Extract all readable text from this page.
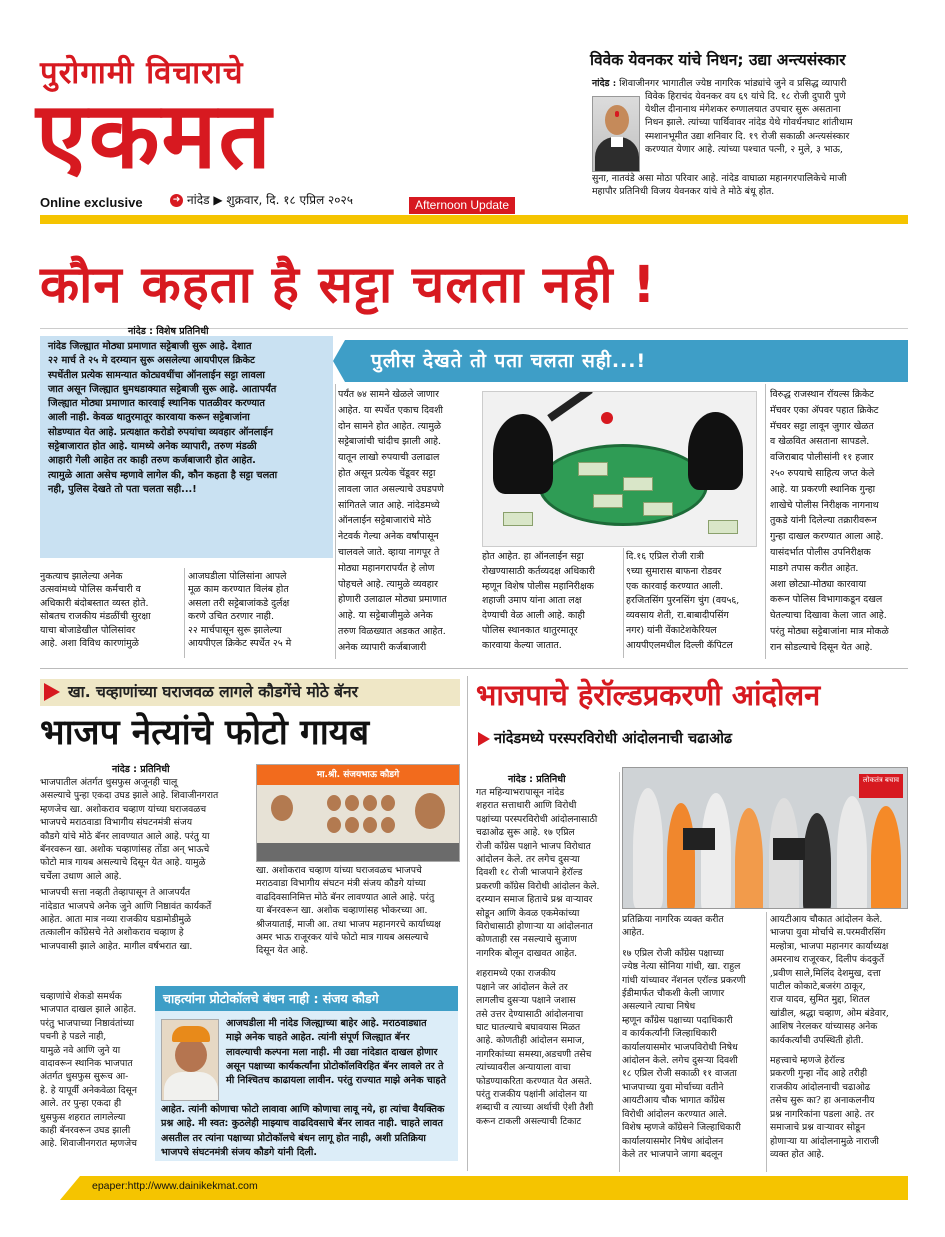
पुरोगामी विचाराचे
एकमत
Online exclusive	➜ नांदेड ▶ शुक्रवार, दि. १८ एप्रिल २०२५	Afternoon Update
विवेक येवनकर यांचे निधन; उद्या अन्त्यसंस्कार
नांदेड : शिवाजीनगर भागातील ज्येष्ठ नागरिक भांड्यांचे जुने व प्रसिद्ध व्यापारी
विवेक हिराचंद येवनकर वय ६९ यांचे दि. १८ रोजी दुपारी पुणे
येथील दीनानाथ मंगेशकर रुग्णालयात उपचार सुरू असताना
निधन झाले. त्यांच्या पार्थिवावर नांदेड येथे गोवर्धनघाट शांतीधाम
स्मशानभूमीत उद्या शनिवार दि. १९ रोजी सकाळी अन्त्यसंस्कार
करण्यात येणार आहे. त्यांच्या पश्चात पत्नी, २ मुले, ३ भाऊ,
सुना, नातवंडे असा मोठा परिवार आहे. नांदेड वाघाळा महानगरपालिकेचे माजी
महापौर प्रतिनिधी विजय येवनकर यांचे ते मोठे बंधू होत.
कौन कहता है सट्टा चलता नही !
नांदेड : विशेष प्रतिनिधी
नांदेड जिल्ह्यात मोठ्या प्रमाणात सट्टेबाजी सुरू आहे. देशात
२२ मार्च ते २५ मे दरम्यान सुरू असलेल्या आयपीएल क्रिकेट
स्पर्धेतील प्रत्येक सामन्यात कोट्यवधींचा ऑनलाईन सट्टा लावला
जात असून जिल्ह्यात धुमधडाक्यात सट्टेबाजी सुरू आहे. आतापर्यंत
जिल्ह्यात मोठ्या प्रमाणात कारवाई स्थानिक पातळीवर करण्यात
आली नाही. केवळ थातुरमातूर कारवाया करून सट्टेबाजांना
सोडण्यात येत आहे. प्रत्यक्षात करोडो रुपयांचा व्यवहार ऑनलाईन
सट्टेबाजारात होत आहे. यामध्ये अनेक व्यापारी, तरुण मंडळी
आहारी गेली आहेत तर काही तरुण कर्जबाजारी होत आहेत.
त्यामुळे आता असेच म्हणावे लागेल की, कौन कहता है सट्टा चलता
नही, पुलिस देखते तो पता चलता सही...!
पुलीस देखते तो पता चलता सही...!
नुकत्याच झालेल्या अनेक
उत्सवांमध्ये पोलिस कर्मचारी व
अधिकारी बंदोबस्तात व्यस्त होते.
सोबतच राजकीय मंडळींची सुरक्षा
याचा बोजाडेखील पोलिसांवर
आहे. अशा विविध कारणांमुळे
आजघडीला पोलिसांना आपले
मूळ काम करण्यात विलंब होत
असला तरी सट्टेबाजांकडे दुर्लक्ष
करणे उचित ठरणार नाही.
२२ मार्चपासून सुरू झालेल्या
आयपीएल क्रिकेट स्पर्धेत २५ मे
पर्यंत ७४ सामने खेळले जाणार
आहेत. या स्पर्धेत एकाच दिवशी
दोन सामने होत आहेत. त्यामुळे
सट्टेबाजांची चांदीच झाली आहे.
यातून लाखो रुपयाची उलाढाल
होत असून प्रत्येक चेंडूवर सट्टा
लावला जात असल्याचे उघडपणे
सांगितले जात आहे. नांदेडमध्ये
ऑनलाईन सट्टेबाजारांचे मोठे
नेटवर्क गेल्या अनेक वर्षांपासून
चालवले जाते. व्हाया नागपूर ते
मोठ्या महानगरापर्यंत हे लोण
पोहचले आहे. त्यामुळे व्यवहार
होणारी उलाढाल मोठ्या प्रमाणात
आहे. या सट्टेबाजीमुळे अनेक
तरुण विळख्यात अडकत आहेत.
अनेक व्यापारी कर्जबाजारी
होत आहेत. हा ऑनलाईन सट्टा
रोखण्यासाठी कर्तव्यदक्ष अधिकारी
म्हणून विशेष पोलीस महानिरीक्षक
शहाजी उमाप यांना आता लक्ष
देण्याची वेळ आली आहे. काही
पोलिस स्थानकात थातुरमातूर
कारवाया केल्या जातात.
दि.१६ एप्रिल रोजी रात्री
९च्या सुमारास बाफना रोडवर
एक कारवाई करण्यात आली.
हरजितसिंग पुरनसिंग चुंग (वय५६,
व्यवसाय शेती, रा.बाबादीपसिंग
नगर) यांनी वेंकाटेशकेरियल
आयपीएलमधील दिल्ली कॅपिटल
विरुद्ध राजस्थान रॉयल्स क्रिकेट
मॅचवर एका ॲपवर पहात क्रिकेट
मॅचवर सट्टा लावून जुगार खेळत
व खेळवित असताना सापडले.
वजिराबाद पोलीसांनी ११ हजार
२५० रुपयाचे साहित्य जप्त केले
आहे. या प्रकरणी स्थानिक गुन्हा
शाखेचे पोलीस निरीक्षक नागनाथ
तुकडे यांनी दिलेल्या तक्रारीवरून
गुन्हा दाखल करण्यात आला आहे.
यासंदर्भात पोलीस उपनिरीक्षक
माडगे तपास करीत आहेत.
अशा छोट्या-मोठ्या कारवाया
करून पोलिस विभागाकडून दखल
घेतल्याचा दिखावा केला जात आहे.
परंतु मोठ्या सट्टेबाजांना मात्र मोकळे
रान सोडल्याचे दिसून येत आहे.
खा. चव्हाणांच्या घराजवळ लागले कौडगेंचे मोठे बॅनर
भाजप नेत्यांचे फोटो गायब
नांदेड : प्रतिनिधी
भाजपातील अंतर्गत धुसफुस अजूनही चालू
असल्याचे पुन्हा एकदा उघड झाले आहे. शिवाजीनगरात
म्हणजेच खा. अशोकराव चव्हाण यांच्या घराजवळच
भाजपचे मराठवाडा विभागीय संघटनमंत्री संजय
कौडगे यांचे मोठे बॅनर लावण्यात आले आहे. परंतु या
बॅनरवरून खा. अशोक चव्हाणांसह तोंडा अन् भाऊचे
फोटो मात्र गायब असल्याचे दिसून येत आहे. यामुळे
चर्चेला उधाण आले आहे.
भाजपची सत्ता नव्हती तेव्हापासून ते आजपर्यंत
नांदेडात भाजपचे अनेक जुने आणि निष्ठावंत कार्यकर्ते
आहेत. आता मात्र नव्या राजकीय घडामोडीमुळे
तत्कालीन काँग्रेसचे नेते अशोकराव चव्हाण हे
भाजपवासी झाले आहेत. मागील वर्षभरात खा.
चव्हाणांचे शेकडो समर्थक
भाजपात दाखल झाले आहेत.
परंतु भाजपाच्या निष्ठावंतांच्या
पचनी हे पडले नाही,
यामुळे नवे आणि जुने या
वादावरून स्थानिक भाजपात
अंतर्गत धुसफुस सुरूच आ-
हे. हे यापूर्वी अनेकवेळा दिसून
आले. तर पुन्हा एकदा ही
धुसफुस शहरात लागलेल्या
काही बॅनरवरून उघड झाली
आहे. शिवाजीनगरात म्हणजेच
मा.श्री. संजयभाऊ कौडगे
खा. अशोकराव चव्हाण यांच्या घराजवळच भाजपचे
मराठवाडा विभागीय संघटन मंत्री संजय कौडगे यांच्या
वाढदिवसानिमित्त मोठे बॅनर लावण्यात आले आहे. परंतु
या बॅनरवरून खा. अशोक चव्हाणांसह भोकरच्या आ.
श्रीजयाताई, माजी आ. तथा भाजप महानगरचे कार्याध्यक्ष
अमर भाऊ राजूरकर यांचे फोटो मात्र गायब असल्याचे
दिसून येत आहे.
चाहत्यांना प्रोटोकॉलचे बंधन नाही : संजय कौडगे
आजघडीला मी नांदेड जिल्ह्याच्या बाहेर आहे. मराठवाड्यात
माझे अनेक चाहते आहेत. त्यांनी संपूर्ण जिल्ह्यात बॅनर
लावल्याची कल्पना मला नाही. मी उद्या नांदेडात दाखल होणार
असून पक्षाच्या कार्यकर्त्यांना प्रोटोकॉलविरहित बॅनर लावले तर ते
मी निश्चितच काढायला लावीन. परंतु राज्यात माझे अनेक चाहते
आहेत. त्यांनी कोणाचा फोटो लावावा आणि कोणाचा लावू नये, हा त्यांचा वैयक्तिक
प्रश्न आहे. मी स्वत: कुठलेही माझ्याच वाढदिवसाचे बॅनर लावत नाही. चाहते लावत
असतील तर त्यांना पक्षाच्या प्रोटोकॉलचे बंधन लागू होत नाही, अशी प्रतिक्रिया
भाजपचे संघटनमंत्री संजय कौडगे यांनी दिली.
भाजपाचे हेरॉल्डप्रकरणी आंदोलन
नांदेडमध्ये परस्परविरोधी आंदोलनाची चढाओढ
नांदेड : प्रतिनिधी
गत महिन्याभरापासून नांदेड
शहरात सत्ताधारी आणि विरोधी
पक्षांच्या परस्परविरोधी आंदोलनासाठी
चढाओढ सुरू आहे. १७ एप्रिल
रोजी काँग्रेस पक्षाने भाजप विरोधात
आंदोलन केले. तर लगेच दुसऱ्या
दिवशी १८ रोजी भाजपाने हेरॉल्ड
प्रकरणी काँग्रेस विरोधी आंदोलन केले.
दरम्यान समाज हिताचे प्रश्न वाऱ्यावर
सोडून आणि केवळ एकमेकांच्या
विरोधासाठी होणाऱ्या या आंदोलनात
कोणताही रस नसल्याचे सुजाण
नागरिक बोलून दाखवत आहेत.
शहरामध्ये एका राजकीय
पक्षाने जर आंदोलन केले तर
लागलीच दुसऱ्या पक्षाने जशास
तसे उत्तर देण्यासाठी आंदोलनाचा
घाट घातल्याचे बघावयास मिळत
आहे. कोणतीही आंदोलन समाज,
नागरिकांच्या समस्या,अडचणी तसेच
त्यांच्यावरील अन्यायाला वाचा
फोडण्याकरिता करण्यात येत असते.
परंतु राजकीय पक्षांनी आंदोलन या
शब्दाची व त्याच्या अर्थाची ऐशी तैशी
करून टाकली असल्याची टिकाट
लोकतंत्र बचाव
प्रतिक्रिया नागरिक व्यक्त करीत
आहेत.
१७ एप्रिल रोजी काँग्रेस पक्षाच्या
ज्येष्ठ नेत्या सोनिया गांधी, खा. राहुल
गांधी यांच्यावर नॅशनल एरॉल्ड प्रकरणी
ईडीमार्फत चौकशी केली जाणार
असल्याने त्याचा निषेध
म्हणून काँग्रेस पक्षाच्या पदाधिकारी
व कार्यकर्त्यांनी जिल्हाधिकारी
कार्यालयासमोर भाजपविरोधी निषेध
आंदोलन केले. लगेच दुसऱ्या दिवशी
१८ एप्रिल रोजी सकाळी ११ वाजता
भाजपाच्या युवा मोर्चाच्या वतीने
आयटीआय चौक भागात काँग्रेस
विरोधी आंदोलन करण्यात आले.
विशेष म्हणजे काँग्रेसने जिल्हाधिकारी
कार्यालयासमोर निषेध आंदोलन
केले तर भाजपाने जागा बदलून
आयटीआय चौकात आंदोलन केले.
भाजपा युवा मोर्चाचे स.परमवीरसिंग
मल्होत्रा, भाजपा महानगर कार्याध्यक्ष
अमरनाथ राजूरकर, दिलीप कंदकुर्ते
,प्रवीण साले,मिलिंद देशमुख, दत्ता
पाटील कोकाटे,बजरंग ठाकूर,
राज यादव, सुमित मुद्दा, शितल
खांडील, श्रद्धा चव्हाण, ओम बंडेवार,
आशिष नेरलकर यांच्यासह अनेक
कार्यकर्त्यांची उपस्थिती होती.
महत्त्वाचे म्हणजे हेरॉल्ड
प्रकरणी गुन्हा नोंद आहे तरीही
राजकीय आंदोलनाची चढाओढ
तसेच सुरू का? हा अनाकलनीय
प्रश्न नागरिकांना पडला आहे. तर
समाजाचे प्रश्न वाऱ्यावर सोडून
होणाऱ्या या आंदोलनामुळे नाराजी
व्यक्त होत आहे.
epaper:http://www.dainikekmat.com
